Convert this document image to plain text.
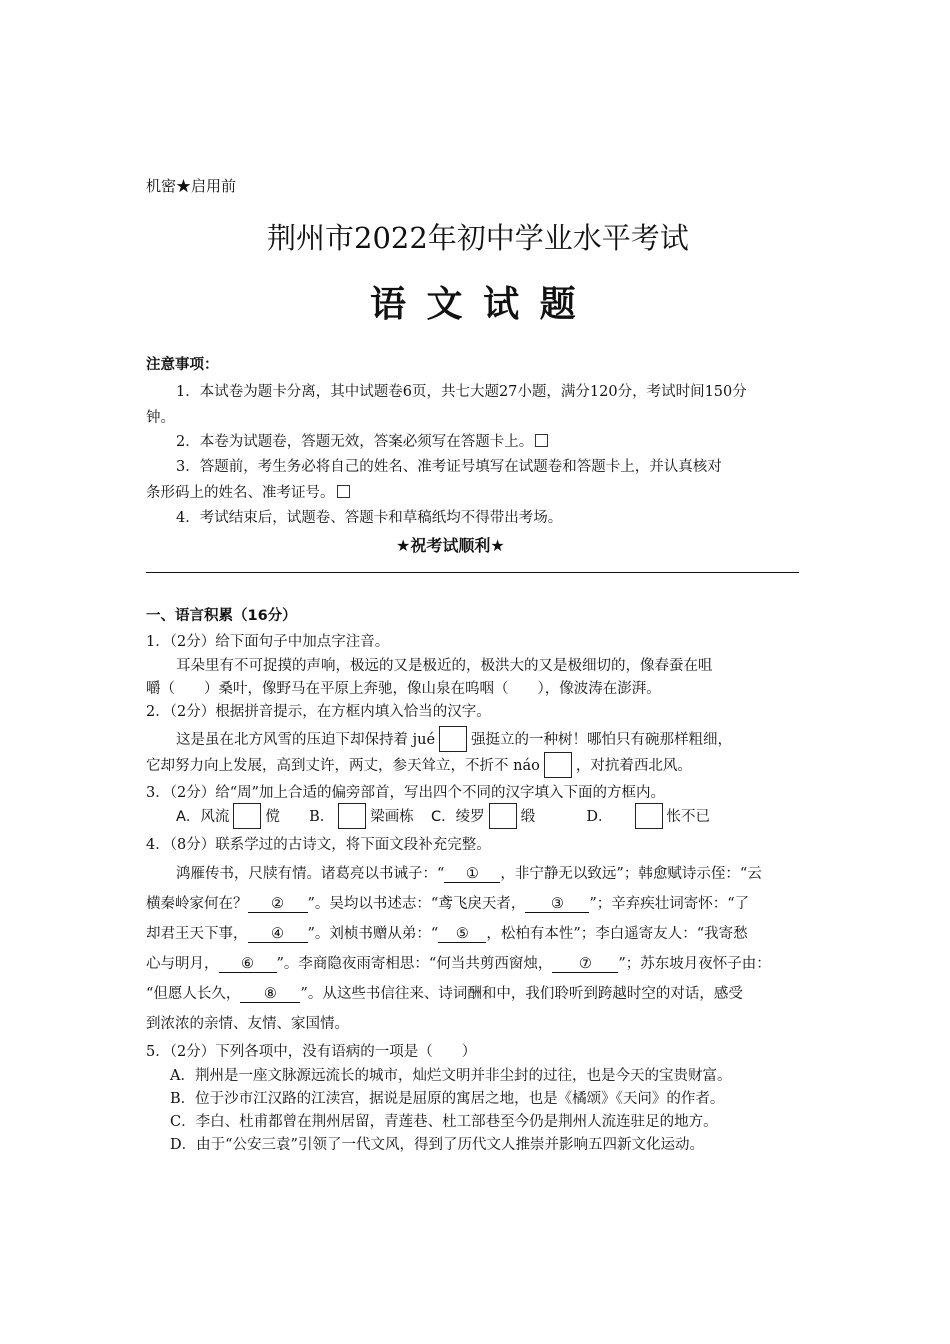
机密★启用前
荆州市2022年初中学业水平考试
语 文 试 题
注意事项：
1．本试卷为题卡分离，其中试题卷6页，共七大题27小题，满分120分，考试时间150分
钟。
2．本卷为试题卷，答题无效，答案必须写在答题卡上。
3．答题前，考生务必将自己的姓名、准考证号填写在试题卷和答题卡上，并认真核对
条形码上的姓名、准考证号。
4．考试结束后，试题卷、答题卡和草稿纸均不得带出考场。
★祝考试顺利★
一、语言积累（16分）
1．（2分）给下面句子中加点字注音。
耳朵里有不可捉摸的声响，极远的又是极近的，极洪大的又是极细切的，像春蚕在咀
嚼（　　）桑叶，像野马在平原上奔驰，像山泉在呜咽（　　），像波涛在澎湃。
2．（2分）根据拼音提示，在方框内填入恰当的汉字。
这是虽在北方风雪的压迫下却保持着 jué 强挺立的一种树！哪怕只有碗那样粗细，
它却努力向上发展，高到丈许，两丈，参天耸立，不折不 náo ，对抗着西北风。
3．（2分）给“周”加上合适的偏旁部首，写出四个不同的汉字填入下面的方框内。
A．风流 傥 B． 梁画栋 C．绫罗 缎	D．	怅不已
4．（8分）联系学过的古诗文，将下面文段补充完整。
鸿雁传书，尺牍有情。诸葛亮以书诫子：“ ① ，非宁静无以致远”；韩愈赋诗示侄：“云
横秦岭家何在？ ② ”。吴均以书述志：“鸢飞戾天者， ③ ”；辛弃疾壮词寄怀：“了
却君王天下事， ④ ”。刘桢书赠从弟：“ ⑤ ，松柏有本性”；李白遥寄友人：“我寄愁
心与明月， ⑥ ”。李商隐夜雨寄相思：“何当共剪西窗烛， ⑦ ”；苏东坡月夜怀子由：
“但愿人长久， ⑧ ”。从这些书信往来、诗词酬和中，我们聆听到跨越时空的对话，感受
到浓浓的亲情、友情、家国情。
5．（2分）下列各项中，没有语病的一项是（　　）
A．荆州是一座文脉源远流长的城市，灿烂文明并非尘封的过往，也是今天的宝贵财富。
B．位于沙市江汉路的江渎宫，据说是屈原的寓居之地，也是《橘颂》《天问》的作者。
C．李白、杜甫都曾在荆州居留，青莲巷、杜工部巷至今仍是荆州人流连驻足的地方。
D．由于“公安三袁”引领了一代文风，得到了历代文人推崇并影响五四新文化运动。
